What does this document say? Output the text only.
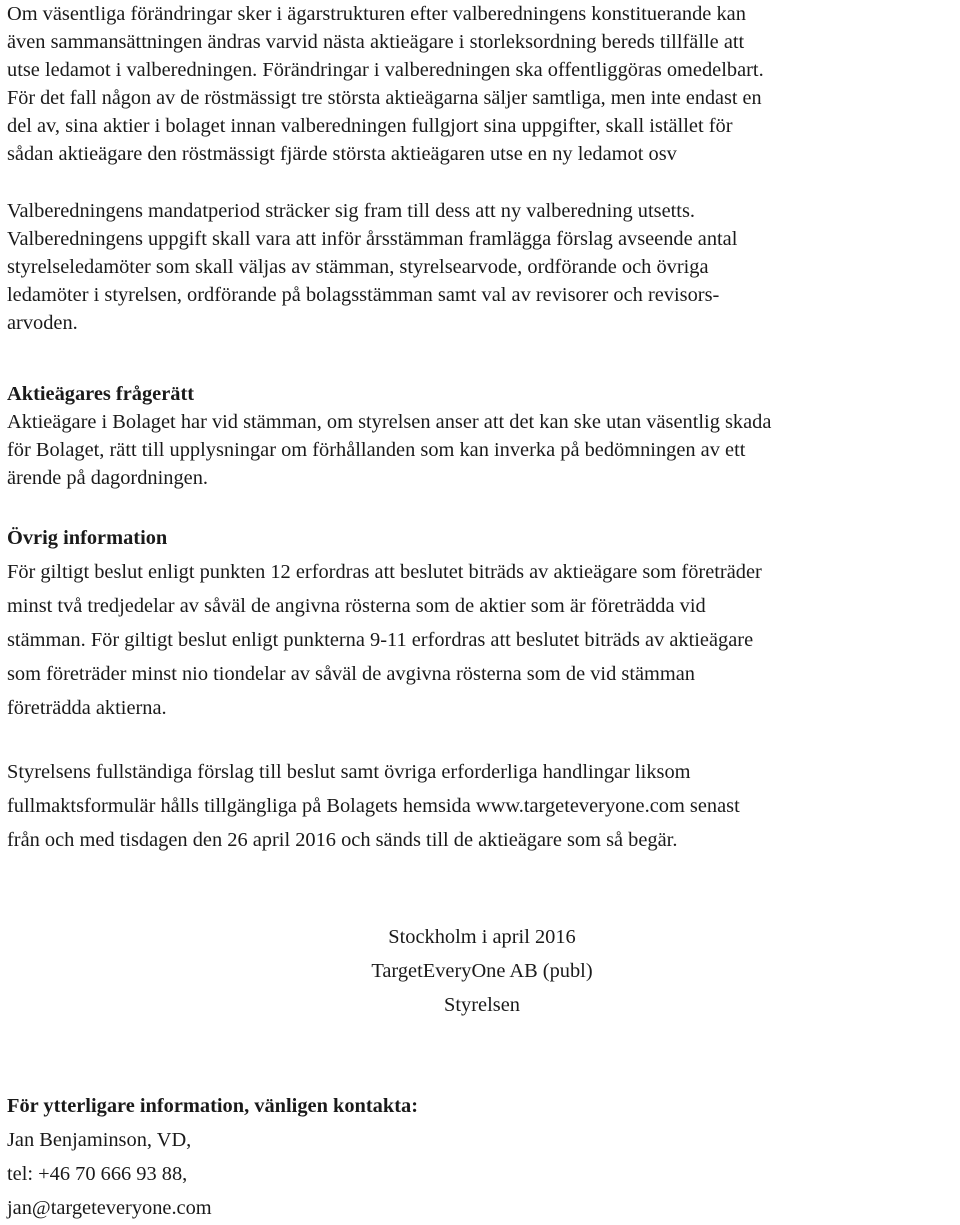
Om väsentliga förändringar sker i ägarstrukturen efter valberedningens konstituerande kan
även sammansättningen ändras varvid nästa aktieägare i storleksordning bereds tillfälle att
utse ledamot i valberedningen. Förändringar i valberedningen ska offentliggöras omedelbart.
För det fall någon av de röstmässigt tre största aktieägarna säljer samtliga, men inte endast en
del av, sina aktier i bolaget innan valberedningen fullgjort sina uppgifter, skall istället för
sådan aktieägare den röstmässigt fjärde största aktieägaren utse en ny ledamot osv
Valberedningens mandatperiod sträcker sig fram till dess att ny valberedning utsetts.
Valberedningens uppgift skall vara att inför årsstämman framlägga förslag avseende antal
styrelseledamöter som skall väljas av stämman, styrelsearvode, ordförande och övriga
ledamöter i styrelsen, ordförande på bolagsstämman samt val av revisorer och revisors-
arvoden.
Aktieägares frågerätt
Aktieägare i Bolaget har vid stämman, om styrelsen anser att det kan ske utan väsentlig skada
för Bolaget, rätt till upplysningar om förhållanden som kan inverka på bedömningen av ett
ärende på dagordningen.
Övrig information
För giltigt beslut enligt punkten 12 erfordras att beslutet biträds av aktieägare som företräder
minst två tredjedelar av såväl de angivna rösterna som de aktier som är företrädda vid
stämman. För giltigt beslut enligt punkterna 9-11 erfordras att beslutet biträds av aktieägare
som företräder minst nio tiondelar av såväl de avgivna rösterna som de vid stämman
företrädda aktierna.
Styrelsens fullständiga förslag till beslut samt övriga erforderliga handlingar liksom
fullmaktsformulär hålls tillgängliga på Bolagets hemsida www.targeteveryone.com senast
från och med tisdagen den 26 april 2016 och sänds till de aktieägare som så begär.
Stockholm i april 2016
TargetEveryOne AB (publ)
Styrelsen
För ytterligare information, vänligen kontakta:
Jan Benjaminson, VD,
tel: +46 70 666 93 88,
jan@targeteveryone.com
